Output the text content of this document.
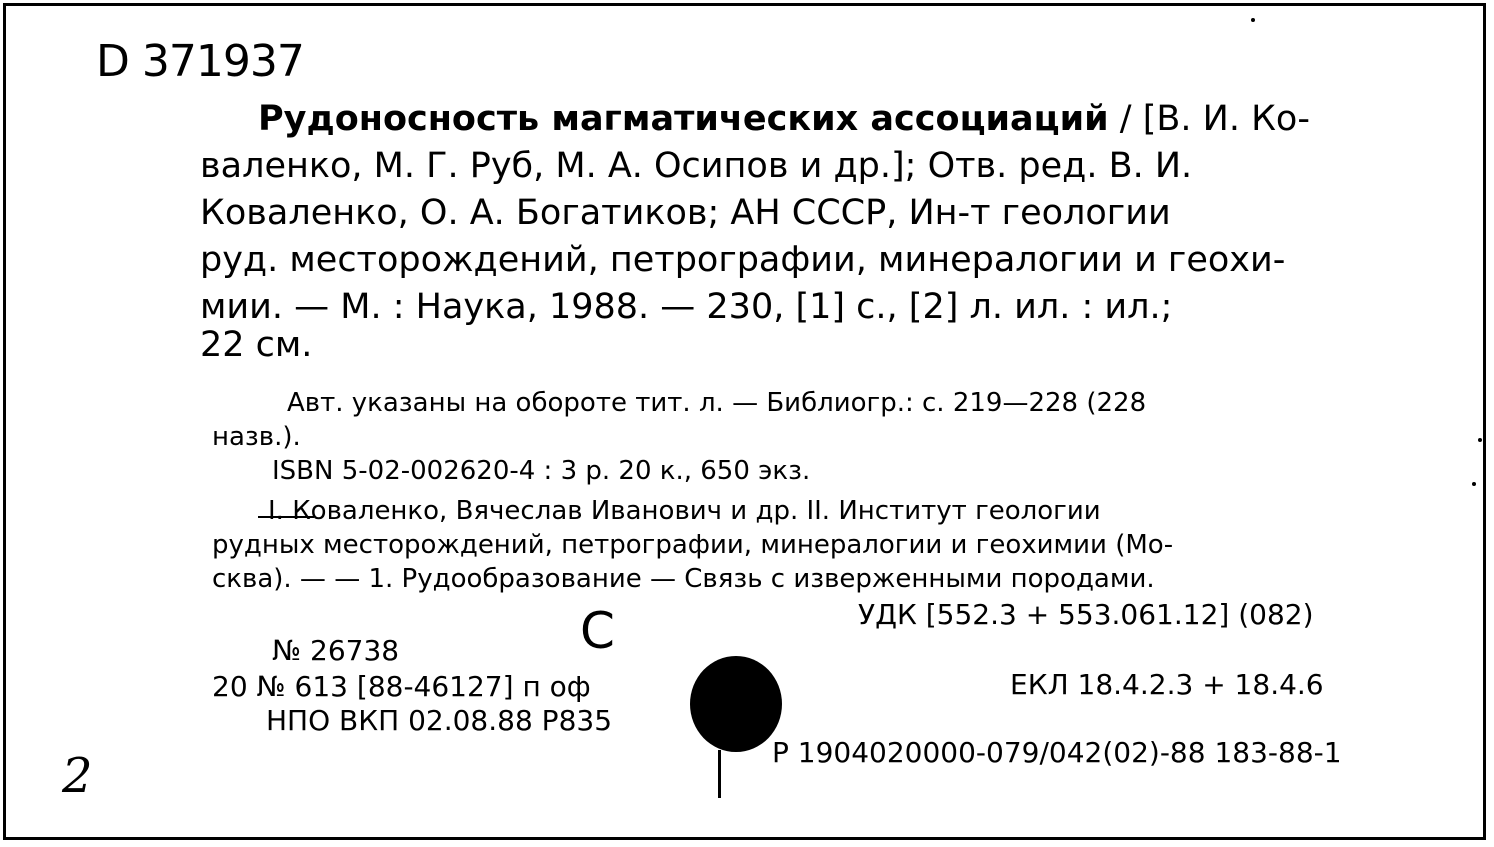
D 371937
Рудоносность магматических ассоциаций / [В. И. Ко-
валенко, М. Г. Руб, М. А. Осипов и др.]; Отв. ред. В. И.
Коваленко, О. А. Богатиков; АН СССР, Ин-т геологии
руд. месторождений, петрографии, минералогии и геохи-
мии. — М. : Наука, 1988. — 230, [1] с., [2] л. ил. : ил.;
22 см.
Авт. указаны на обороте тит. л. — Библиогр.: с. 219—228 (228
назв.).
ISBN 5-02-002620-4 : 3 р. 20 к., 650 экз.
I. Коваленко, Вячеслав Иванович и др. II. Институт геологии
рудных месторождений, петрографии, минералогии и геохимии (Мо-
сква). — — 1. Рудообразование — Связь с изверженными породами.
УДК [552.3 + 553.061.12] (082)
С
№ 26738
20 № 613 [88-46127] п оф
НПО ВКП 02.08.88 Р835
ЕКЛ 18.4.2.3 + 18.4.6
Р 1904020000-079/042(02)-88 183-88-1
2
